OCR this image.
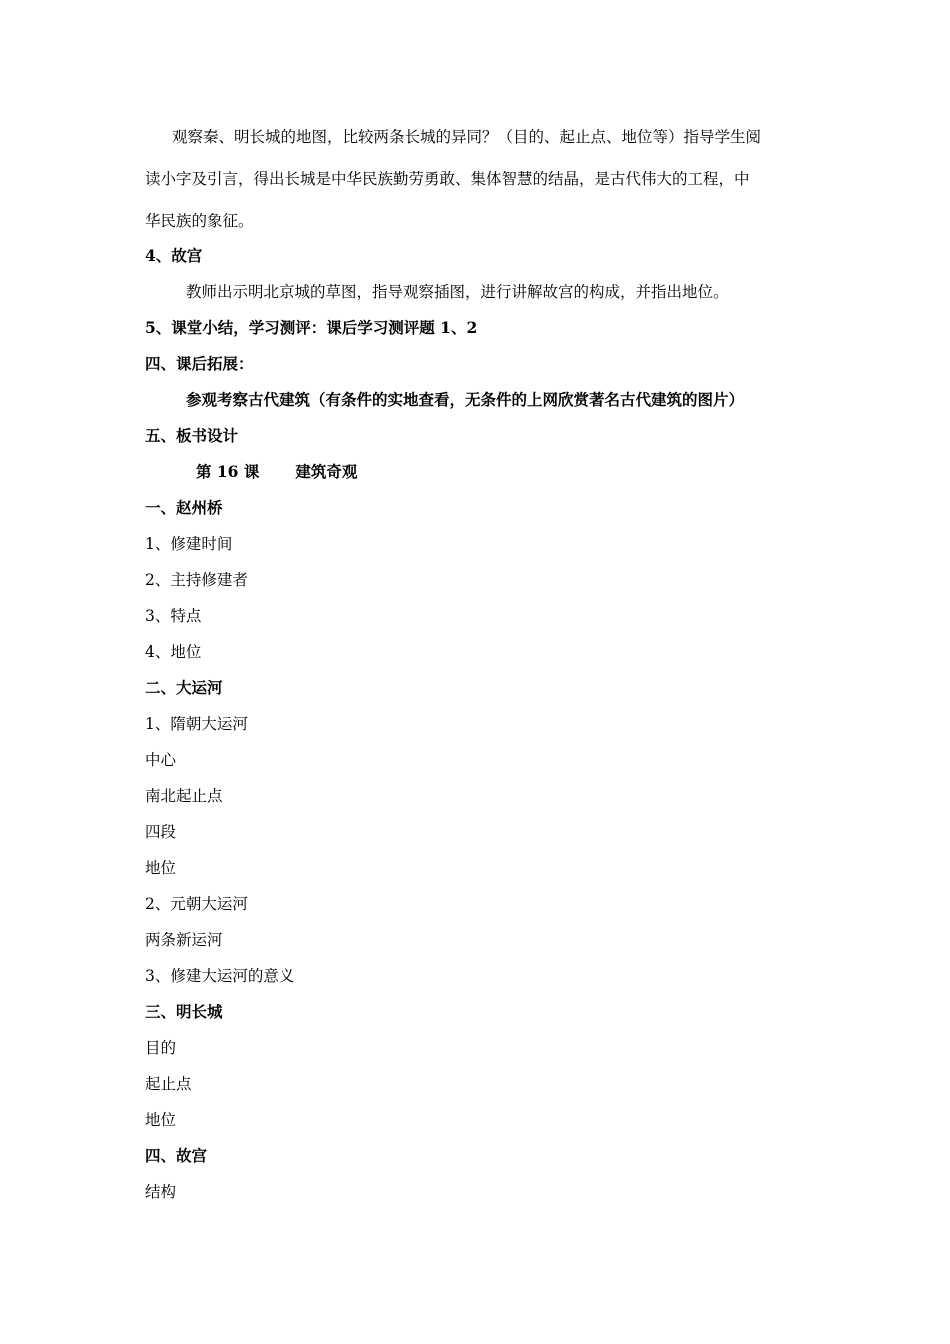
观察秦、明长城的地图，比较两条长城的异同？（目的、起止点、地位等）指导学生阅
读小字及引言，得出长城是中华民族勤劳勇敢、集体智慧的结晶，是古代伟大的工程，中
华民族的象征。
4、故宫
教师出示明北京城的草图，指导观察插图，进行讲解故宫的构成，并指出地位。
5、课堂小结，学习测评：课后学习测评题 1、2
四、课后拓展：
参观考察古代建筑（有条件的实地查看，无条件的上网欣赏著名古代建筑的图片）
五、板书设计
第 16 课 建筑奇观
一、赵州桥
1、修建时间
2、主持修建者
3、特点
4、地位
二、大运河
1、隋朝大运河
中心
南北起止点
四段
地位
2、元朝大运河
两条新运河
3、修建大运河的意义
三、明长城
目的
起止点
地位
四、故宫
结构
